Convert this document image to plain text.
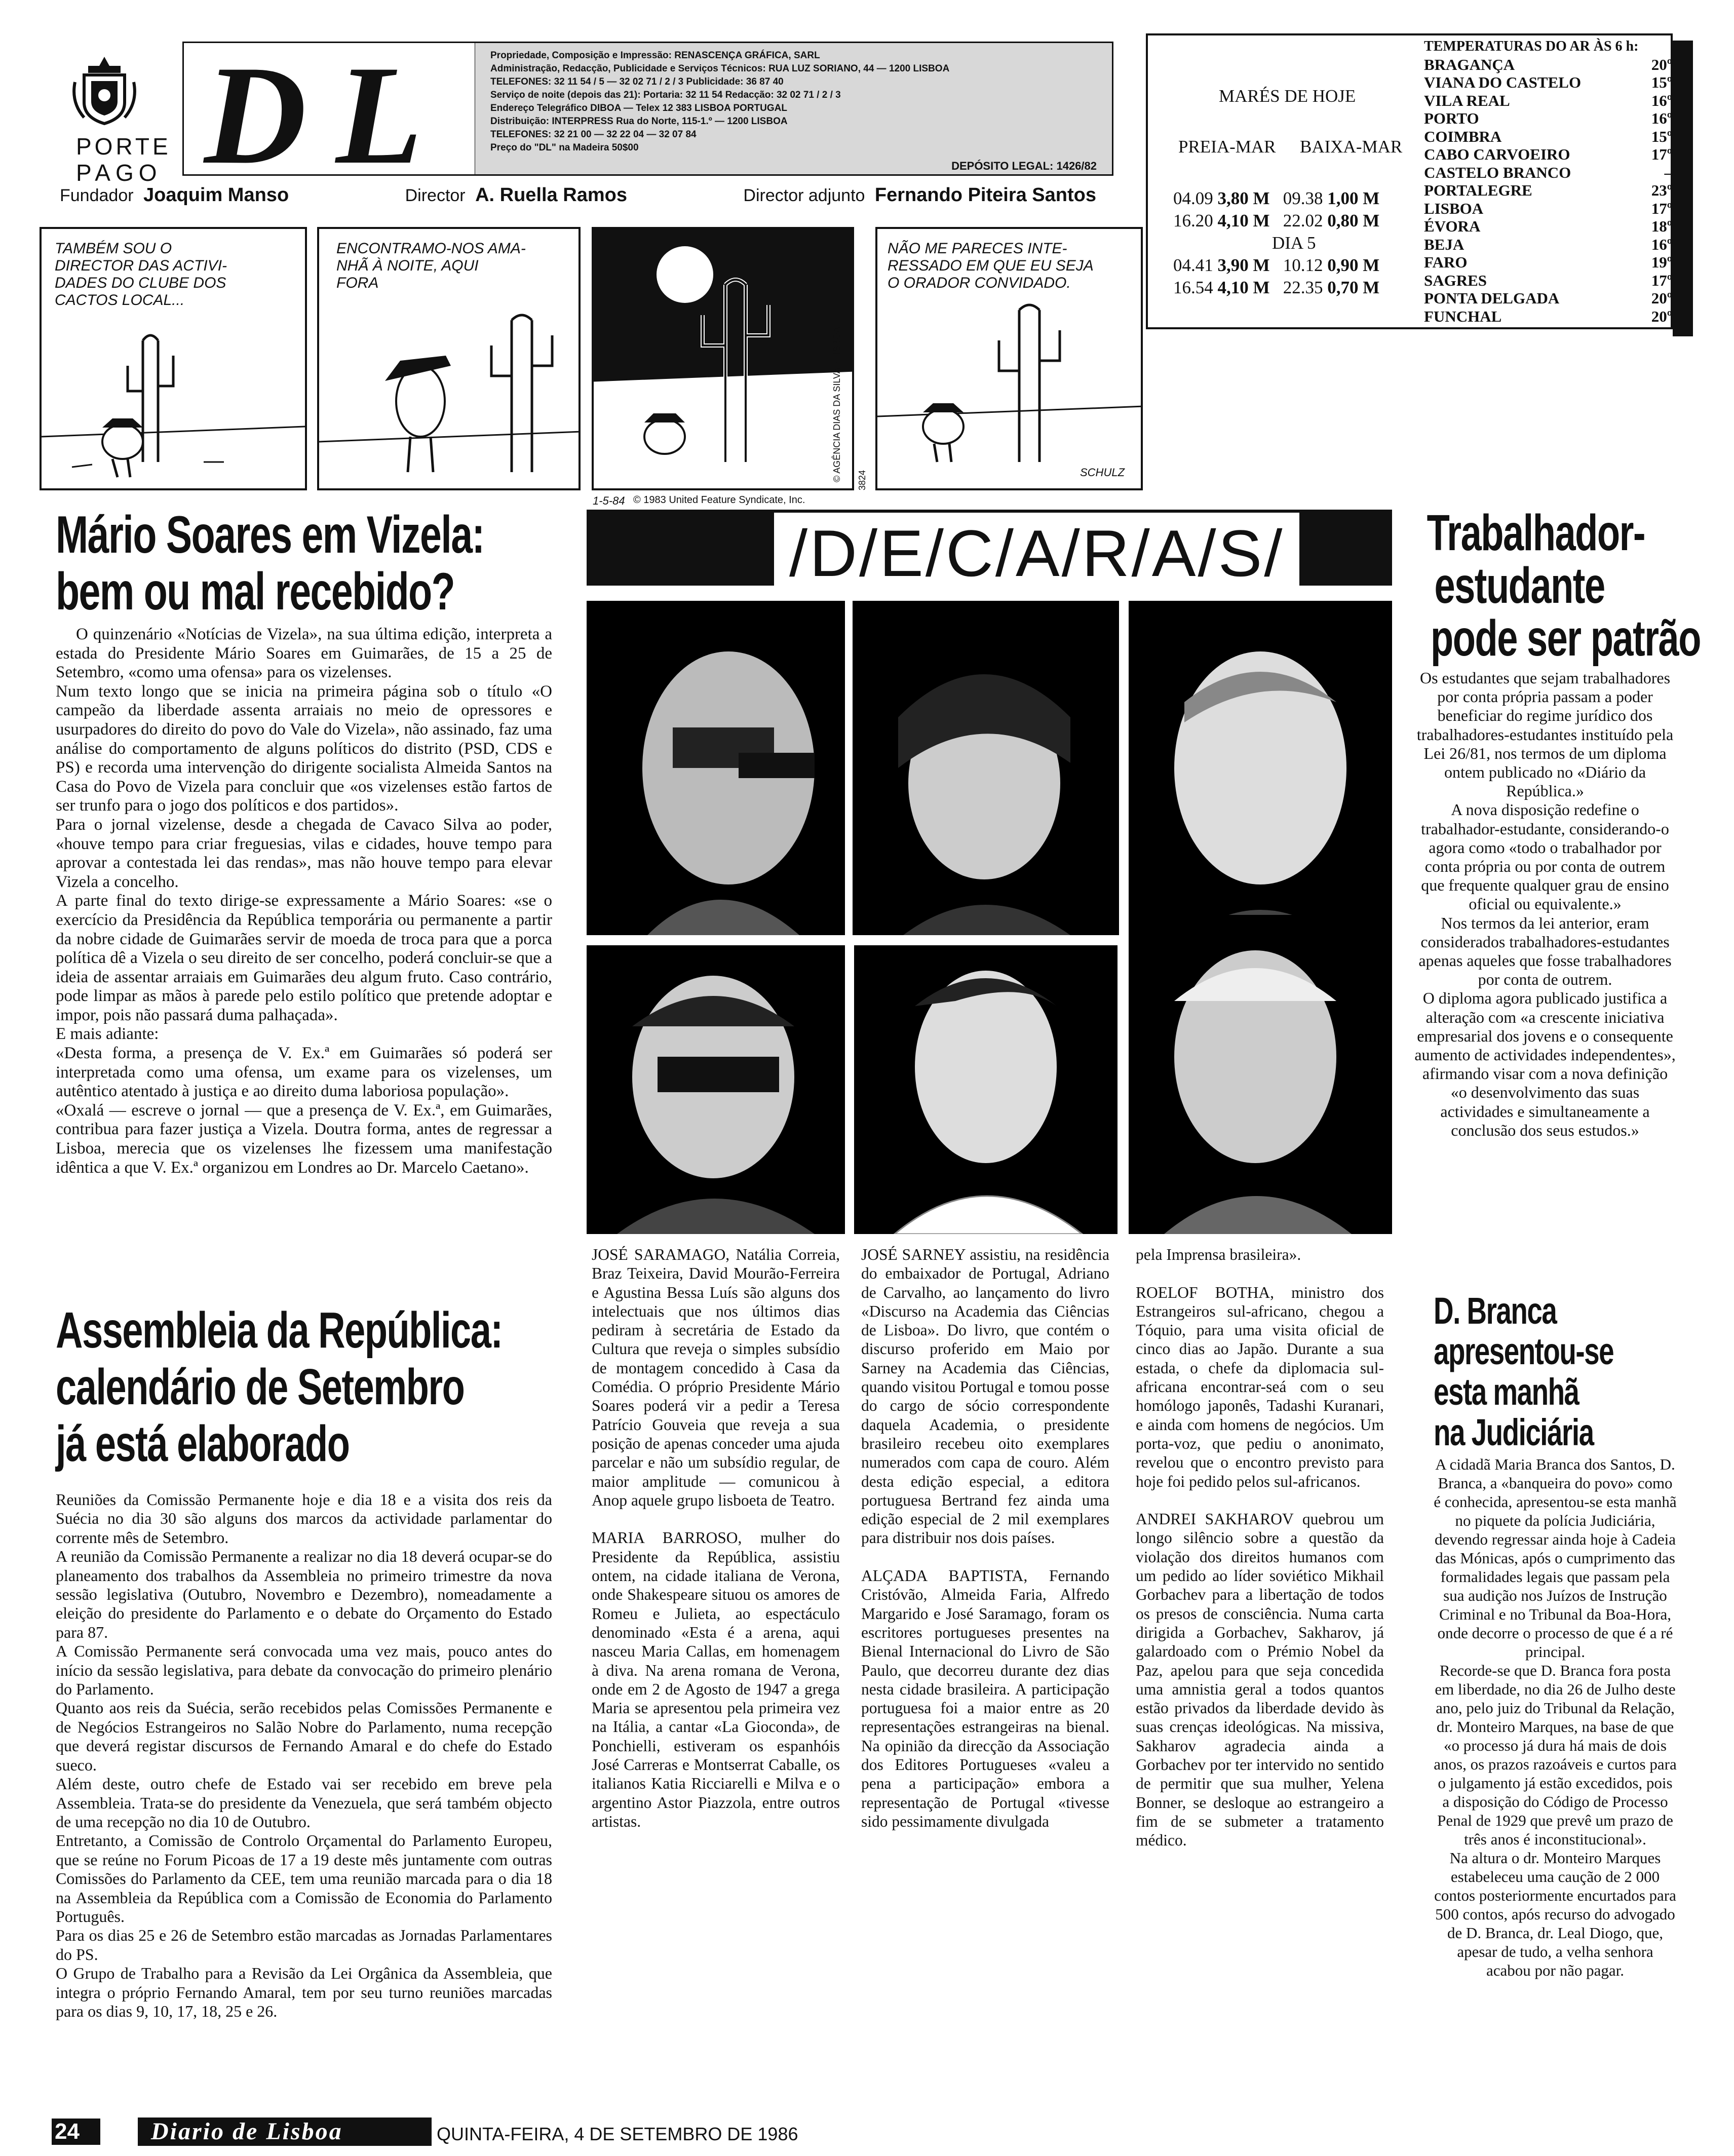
PORTE
PAGO D L	Propriedade, Composição e Impressão: RENASCENÇA GRÁFICA, SARL
Administração, Redacção, Publicidade e Serviços Técnicos: RUA LUZ SORIANO, 44 — 1200 LISBOA
TELEFONES: 32 11 54 / 5 — 32 02 71 / 2 / 3 Publicidade: 36 87 40
Serviço de noite (depois das 21): Portaria: 32 11 54 Redacção: 32 02 71 / 2 / 3
Endereço Telegráfico DIBOA — Telex 12 383 LISBOA PORTUGAL
Distribuição: INTERPRESS Rua do Norte, 115-1.º — 1200 LISBOA
TELEFONES: 32 21 00 — 32 22 04 — 32 07 84
Preço do "DL" na Madeira 50$00
DEPÓSITO LEGAL: 1426/82
Fundador Joaquim Manso	Director A. Ruella Ramos	Director adjunto Fernando Piteira Santos
MARÉS DE HOJE
PREIA-MAR BAIXA-MAR
04.09 3,80 M 09.38 1,00 M
16.20 4,10 M 22.02 0,80 M
DIA 5
04.41 3,90 M 10.12 0,90 M
16.54 4,10 M 22.35 0,70 M
TEMPERATURAS DO AR ÀS 6 h:
BRAGANÇA	20º
VIANA DO CASTELO	15º
VILA REAL	16º
PORTO	16º
COIMBRA	15º
CABO CARVOEIRO	17º
CASTELO BRANCO	–
PORTALEGRE	23º
LISBOA	17º
ÉVORA	18º
BEJA	16º
FARO	19º
SAGRES	17º
PONTA DELGADA	20º
FUNCHAL	20º
TAMBÉM SOU O
DIRECTOR DAS ACTIVI-
DADES DO CLUBE DOS
CACTOS LOCAL...
ENCONTRAMO-NOS AMA-
NHÃ À NOITE, AQUI
FORA
© AGÊNCIA DIAS DA SILVA • LISBOA
NÃO ME PARECES INTE-
RESSADO EM QUE EU SEJA
O ORADOR CONVIDADO.
SCHULZ
1-5-84 © 1983 United Feature Syndicate, Inc.
3824
Mário Soares em Vizela:
bem ou mal recebido?
O quinzenário «Notícias de Vizela», na sua última edição, interpreta a estada do Presidente Mário Soares em Guimarães, de 15 a 25 de Setembro, «como uma ofensa» para os vizelenses.
Num texto longo que se inicia na primeira página sob o título «O campeão da liberdade assenta arraiais no meio de opressores e usurpadores do direito do povo do Vale do Vizela», não assinado, faz uma análise do comportamento de alguns políticos do distrito (PSD, CDS e PS) e recorda uma intervenção do dirigente socialista Almeida Santos na Casa do Povo de Vizela para concluir que «os vizelenses estão fartos de ser trunfo para o jogo dos políticos e dos partidos».
Para o jornal vizelense, desde a chegada de Cavaco Silva ao poder, «houve tempo para criar freguesias, vilas e cidades, houve tempo para aprovar a contestada lei das rendas», mas não houve tempo para elevar Vizela a concelho.
A parte final do texto dirige-se expressamente a Mário Soares: «se o exercício da Presidência da República temporária ou permanente a partir da nobre cidade de Guimarães servir de moeda de troca para que a porca política dê a Vizela o seu direito de ser concelho, poderá concluir-se que a ideia de assentar arraiais em Guimarães deu algum fruto. Caso contrário, pode limpar as mãos à parede pelo estilo político que pretende adoptar e impor, pois não passará duma palhaçada».
E mais adiante:
«Desta forma, a presença de V. Ex.ª em Guimarães só poderá ser interpretada como uma ofensa, um exame para os vizelenses, um autêntico atentado à justiça e ao direito duma laboriosa população».
«Oxalá — escreve o jornal — que a presença de V. Ex.ª, em Guimarães, contribua para fazer justiça a Vizela. Doutra forma, antes de regressar a Lisboa, merecia que os vizelenses lhe fizessem uma manifestação idêntica a que V. Ex.ª organizou em Londres ao Dr. Marcelo Caetano».
Assembleia da República:
calendário de Setembro
já está elaborado
Reuniões da Comissão Permanente hoje e dia 18 e a visita dos reis da Suécia no dia 30 são alguns dos marcos da actividade parlamentar do corrente mês de Setembro.
A reunião da Comissão Permanente a realizar no dia 18 deverá ocupar-se do planeamento dos trabalhos da Assembleia no primeiro trimestre da nova sessão legislativa (Outubro, Novembro e Dezembro), nomeadamente a eleição do presidente do Parlamento e o debate do Orçamento do Estado para 87.
A Comissão Permanente será convocada uma vez mais, pouco antes do início da sessão legislativa, para debate da convocação do primeiro plenário do Parlamento.
Quanto aos reis da Suécia, serão recebidos pelas Comissões Permanente e de Negócios Estrangeiros no Salão Nobre do Parlamento, numa recepção que deverá registar discursos de Fernando Amaral e do chefe do Estado sueco.
Além deste, outro chefe de Estado vai ser recebido em breve pela Assembleia. Trata-se do presidente da Venezuela, que será também objecto de uma recepção no dia 10 de Outubro.
Entretanto, a Comissão de Controlo Orçamental do Parlamento Europeu, que se reúne no Forum Picoas de 17 a 19 deste mês juntamente com outras Comissões do Parlamento da CEE, tem uma reunião marcada para o dia 18 na Assembleia da República com a Comissão de Economia do Parlamento Português.
Para os dias 25 e 26 de Setembro estão marcadas as Jornadas Parlamentares do PS.
O Grupo de Trabalho para a Revisão da Lei Orgânica da Assembleia, que integra o próprio Fernando Amaral, tem por seu turno reuniões marcadas para os dias 9, 10, 17, 18, 25 e 26.
/D/E/C/A/R/A/S/
JOSÉ SARAMAGO, Natália Correia, Braz Teixeira, David Mourão-Ferreira e Agustina Bessa Luís são alguns dos intelectuais que nos últimos dias pediram à secretária de Estado da Cultura que reveja o simples subsídio de montagem concedido à Casa da Comédia. O próprio Presidente Mário Soares poderá vir a pedir a Teresa Patrício Gouveia que reveja a sua posição de apenas conceder uma ajuda parcelar e não um subsídio regular, de maior amplitude — comunicou à Anop aquele grupo lisboeta de Teatro.

MARIA BARROSO, mulher do Presidente da República, assistiu ontem, na cidade italiana de Verona, onde Shakespeare situou os amores de Romeu e Julieta, ao espectáculo denominado «Esta é a arena, aqui nasceu Maria Callas, em homenagem à diva. Na arena romana de Verona, onde em 2 de Agosto de 1947 a grega Maria se apresentou pela primeira vez na Itália, a cantar «La Gioconda», de Ponchielli, estiveram os espanhóis José Carreras e Montserrat Caballe, os italianos Katia Ricciarelli e Milva e o argentino Astor Piazzola, entre outros artistas.
JOSÉ SARNEY assistiu, na residência do embaixador de Portugal, Adriano de Carvalho, ao lançamento do livro «Discurso na Academia das Ciências de Lisboa». Do livro, que contém o discurso proferido em Maio por Sarney na Academia das Ciências, quando visitou Portugal e tomou posse do cargo de sócio correspondente daquela Academia, o presidente brasileiro recebeu oito exemplares numerados com capa de couro. Além desta edição especial, a editora portuguesa Bertrand fez ainda uma edição especial de 2 mil exemplares para distribuir nos dois países.

ALÇADA BAPTISTA, Fernando Cristóvão, Almeida Faria, Alfredo Margarido e José Saramago, foram os escritores portugueses presentes na Bienal Internacional do Livro de São Paulo, que decorreu durante dez dias nesta cidade brasileira. A participação portuguesa foi a maior entre as 20 representações estrangeiras na bienal. Na opinião da direcção da Associação dos Editores Portugueses «valeu a pena a participação» embora a representação de Portugal «tivesse sido pessimamente divulgada
pela Imprensa brasileira».

ROELOF BOTHA, ministro dos Estrangeiros sul-africano, chegou a Tóquio, para uma visita oficial de cinco dias ao Japão. Durante a sua estada, o chefe da diplomacia sul-africana encontrar-seá com o seu homólogo japonês, Tadashi Kuranari, e ainda com homens de negócios. Um porta-voz, que pediu o anonimato, revelou que o encontro previsto para hoje foi pedido pelos sul-africanos.

ANDREI SAKHAROV quebrou um longo silêncio sobre a questão da violação dos direitos humanos com um pedido ao líder soviético Mikhail Gorbachev para a libertação de todos os presos de consciência. Numa carta dirigida a Gorbachev, Sakharov, já galardoado com o Prémio Nobel da Paz, apelou para que seja concedida uma amnistia geral a todos quantos estão privados da liberdade devido às suas crenças ideológicas. Na missiva, Sakharov agradecia ainda a Gorbachev por ter intervido no sentido de permitir que sua mulher, Yelena Bonner, se desloque ao estrangeiro a fim de se submeter a tratamento médico.
Trabalhador-
estudante
pode ser patrão
Os estudantes que sejam trabalhadores por conta própria passam a poder beneficiar do regime jurídico dos trabalhadores-estudantes instituído pela Lei 26/81, nos termos de um diploma ontem publicado no «Diário da República.»
A nova disposição redefine o trabalhador-estudante, considerando-o agora como «todo o trabalhador por conta própria ou por conta de outrem que frequente qualquer grau de ensino oficial ou equivalente.»
Nos termos da lei anterior, eram considerados trabalhadores-estudantes apenas aqueles que fosse trabalhadores por conta de outrem.
O diploma agora publicado justifica a alteração com «a crescente iniciativa empresarial dos jovens e o consequente aumento de actividades independentes», afirmando visar com a nova definição «o desenvolvimento das suas actividades e simultaneamente a conclusão dos seus estudos.»
D. Branca
apresentou-se
esta manhã
na Judiciária
A cidadã Maria Branca dos Santos, D. Branca, a «banqueira do povo» como é conhecida, apresentou-se esta manhã no piquete da polícia Judiciária, devendo regressar ainda hoje à Cadeia das Mónicas, após o cumprimento das formalidades legais que passam pela sua audição nos Juízos de Instrução Criminal e no Tribunal da Boa-Hora, onde decorre o processo de que é a ré principal.
Recorde-se que D. Branca fora posta em liberdade, no dia 26 de Julho deste ano, pelo juiz do Tribunal da Relação, dr. Monteiro Marques, na base de que «o processo já dura há mais de dois anos, os prazos razoáveis e curtos para o julgamento já estão excedidos, pois a disposição do Código de Processo Penal de 1929 que prevê um prazo de três anos é inconstitucional».
Na altura o dr. Monteiro Marques estabeleceu uma caução de 2 000 contos posteriormente encurtados para 500 contos, após recurso do advogado de D. Branca, dr. Leal Diogo, que, apesar de tudo, a velha senhora acabou por não pagar.
24	Diario de Lisboa	QUINTA-FEIRA, 4 DE SETEMBRO DE 1986
